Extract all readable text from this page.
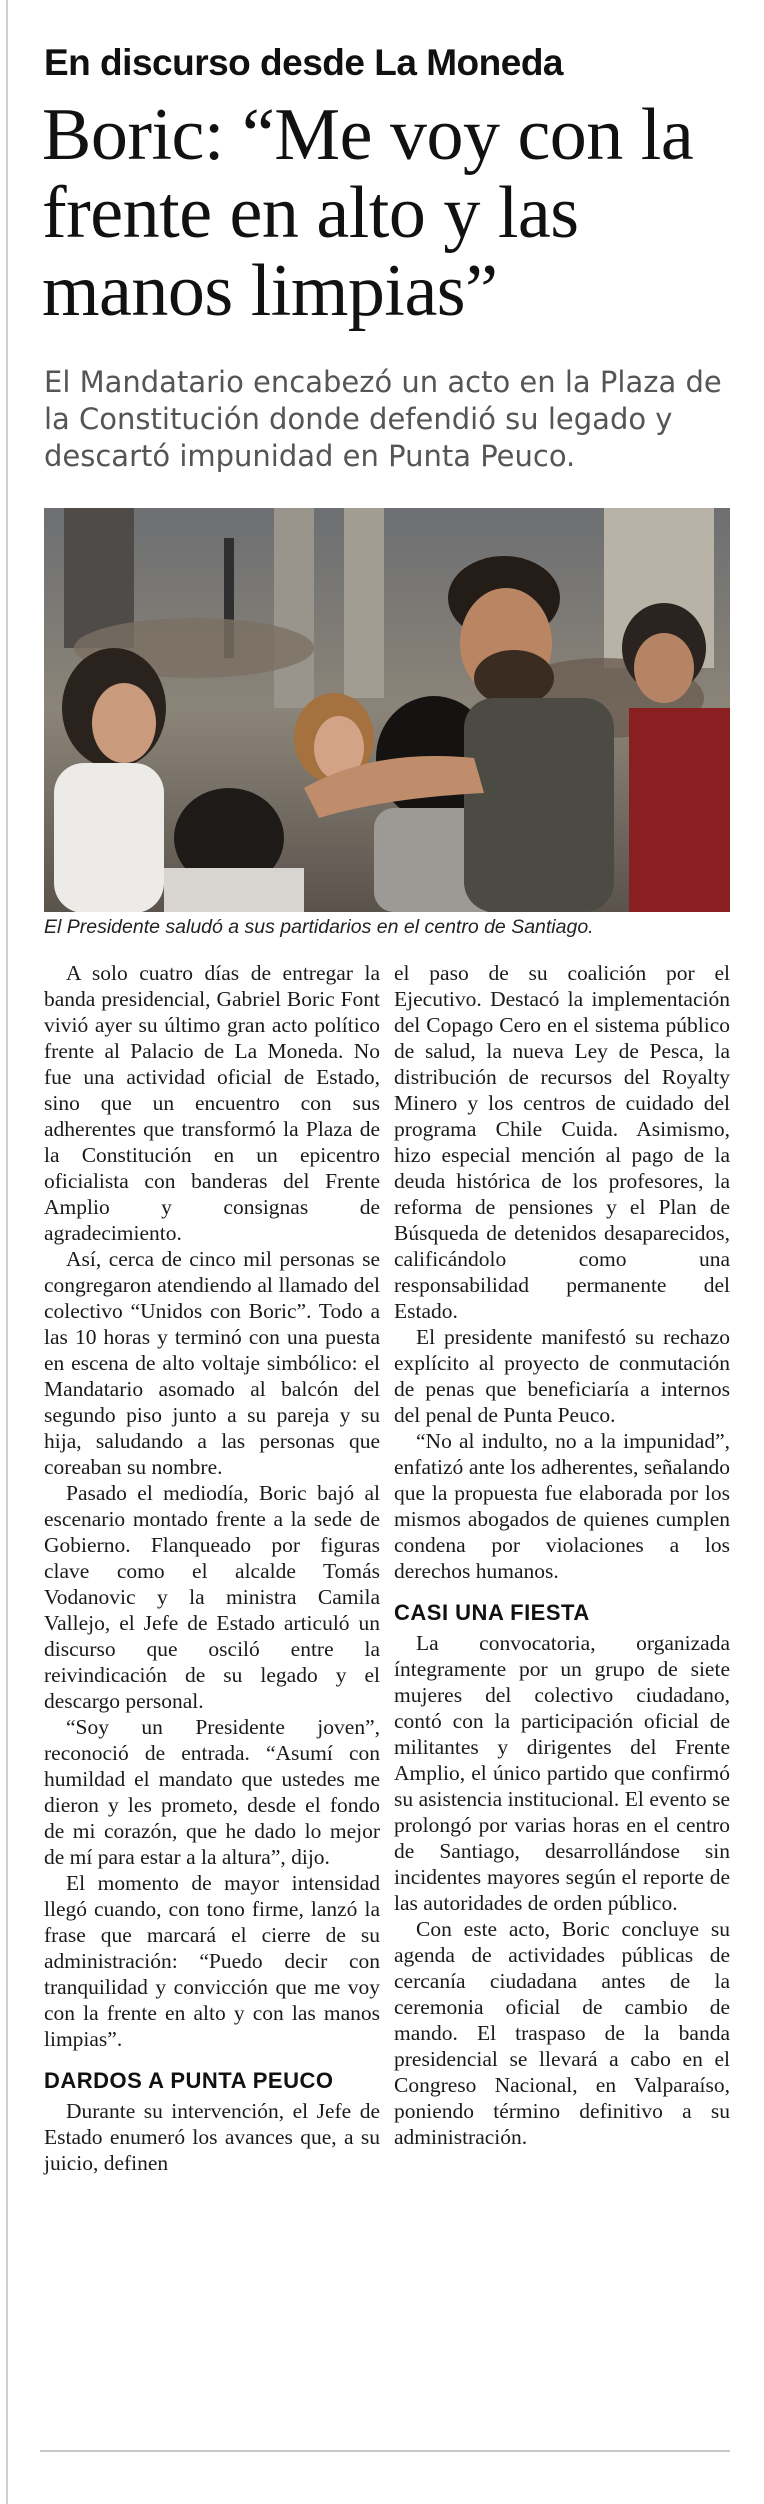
En discurso desde La Moneda
Boric: “Me voy con la frente en alto y las manos limpias”
El Mandatario encabezó un acto en la Plaza de la Constitución donde defendió su legado y descartó impunidad en Punta Peuco.
El Presidente saludó a sus partidarios en el centro de Santiago.

A solo cuatro días de entregar la banda presidencial, Gabriel Boric Font vivió ayer su último gran acto político frente al Palacio de La Moneda. No fue una actividad oficial de Estado, sino que un encuentro con sus adherentes que transformó la Plaza de la Constitución en un epicentro oficialista con banderas del Frente Amplio y consignas de agradecimiento.

Así, cerca de cinco mil personas se congregaron atendiendo al llamado del colectivo “Unidos con Boric”. Todo a las 10 horas y terminó con una puesta en escena de alto voltaje simbólico: el Mandatario asomado al balcón del segundo piso junto a su pareja y su hija, saludando a las personas que coreaban su nombre.

Pasado el mediodía, Boric bajó al escenario montado frente a la sede de Gobierno. Flanqueado por figuras clave como el alcalde Tomás Vodanovic y la ministra Camila Vallejo, el Jefe de Estado articuló un discurso que osciló entre la reivindicación de su legado y el descargo personal.

“Soy un Presidente joven”, reconoció de entrada. “Asumí con humildad el mandato que ustedes me dieron y les prometo, desde el fondo de mi corazón, que he dado lo mejor de mí para estar a la altura”, dijo.

El momento de mayor intensidad llegó cuando, con tono firme, lanzó la frase que marcará el cierre de su administración: “Puedo decir con tranquilidad y convicción que me voy con la frente en alto y con las manos limpias”.

DARDOS A PUNTA PEUCO

Durante su intervención, el Jefe de Estado enumeró los avances que, a su juicio, definen

el paso de su coalición por el Ejecutivo. Destacó la implementación del Copago Cero en el sistema público de salud, la nueva Ley de Pesca, la distribución de recursos del Royalty Minero y los centros de cuidado del programa Chile Cuida. Asimismo, hizo especial mención al pago de la deuda histórica de los profesores, la reforma de pensiones y el Plan de Búsqueda de detenidos desaparecidos, calificándolo como una responsabilidad permanente del Estado.

El presidente manifestó su rechazo explícito al proyecto de conmutación de penas que beneficiaría a internos del penal de Punta Peuco.

“No al indulto, no a la impunidad”, enfatizó ante los adherentes, señalando que la propuesta fue elaborada por los mismos abogados de quienes cumplen condena por violaciones a los derechos humanos.

CASI UNA FIESTA

La convocatoria, organizada íntegramente por un grupo de siete mujeres del colectivo ciudadano, contó con la participación oficial de militantes y dirigentes del Frente Amplio, el único partido que confirmó su asistencia institucional. El evento se prolongó por varias horas en el centro de Santiago, desarrollándose sin incidentes mayores según el reporte de las autoridades de orden público.

Con este acto, Boric concluye su agenda de actividades públicas de cercanía ciudadana antes de la ceremonia oficial de cambio de mando. El traspaso de la banda presidencial se llevará a cabo en el Congreso Nacional, en Valparaíso, poniendo término definitivo a su administración.
